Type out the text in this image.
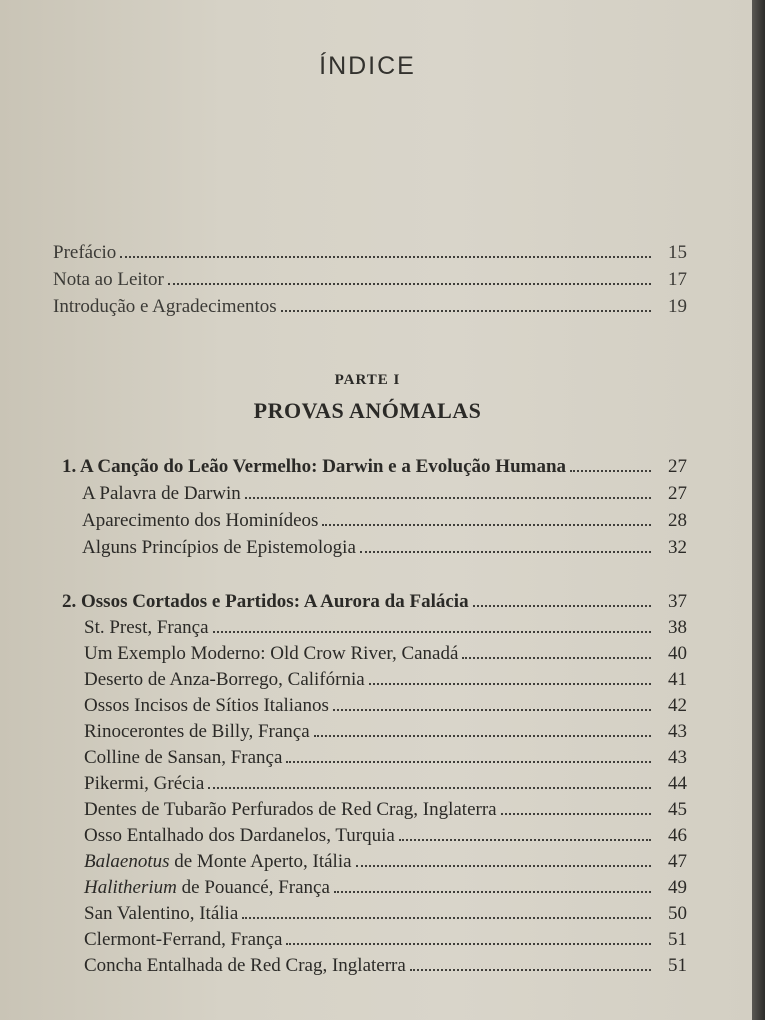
ÍNDICE
Prefácio	15
Nota ao Leitor	17
Introdução e Agradecimentos	19
PARTE I
PROVAS ANÓMALAS
1. A Canção do Leão Vermelho: Darwin e a Evolução Humana	27
A Palavra de Darwin	27
Aparecimento dos Hominídeos	28
Alguns Princípios de Epistemologia	32
2. Ossos Cortados e Partidos: A Aurora da Falácia	37
St. Prest, França	38
Um Exemplo Moderno: Old Crow River, Canadá	40
Deserto de Anza-Borrego, Califórnia	41
Ossos Incisos de Sítios Italianos	42
Rinocerontes de Billy, França	43
Colline de Sansan, França	43
Pikermi, Grécia	44
Dentes de Tubarão Perfurados de Red Crag, Inglaterra	45
Osso Entalhado dos Dardanelos, Turquia	46
Balaenotus de Monte Aperto, Itália	47
Halitherium de Pouancé, França	49
San Valentino, Itália	50
Clermont-Ferrand, França	51
Concha Entalhada de Red Crag, Inglaterra	51
